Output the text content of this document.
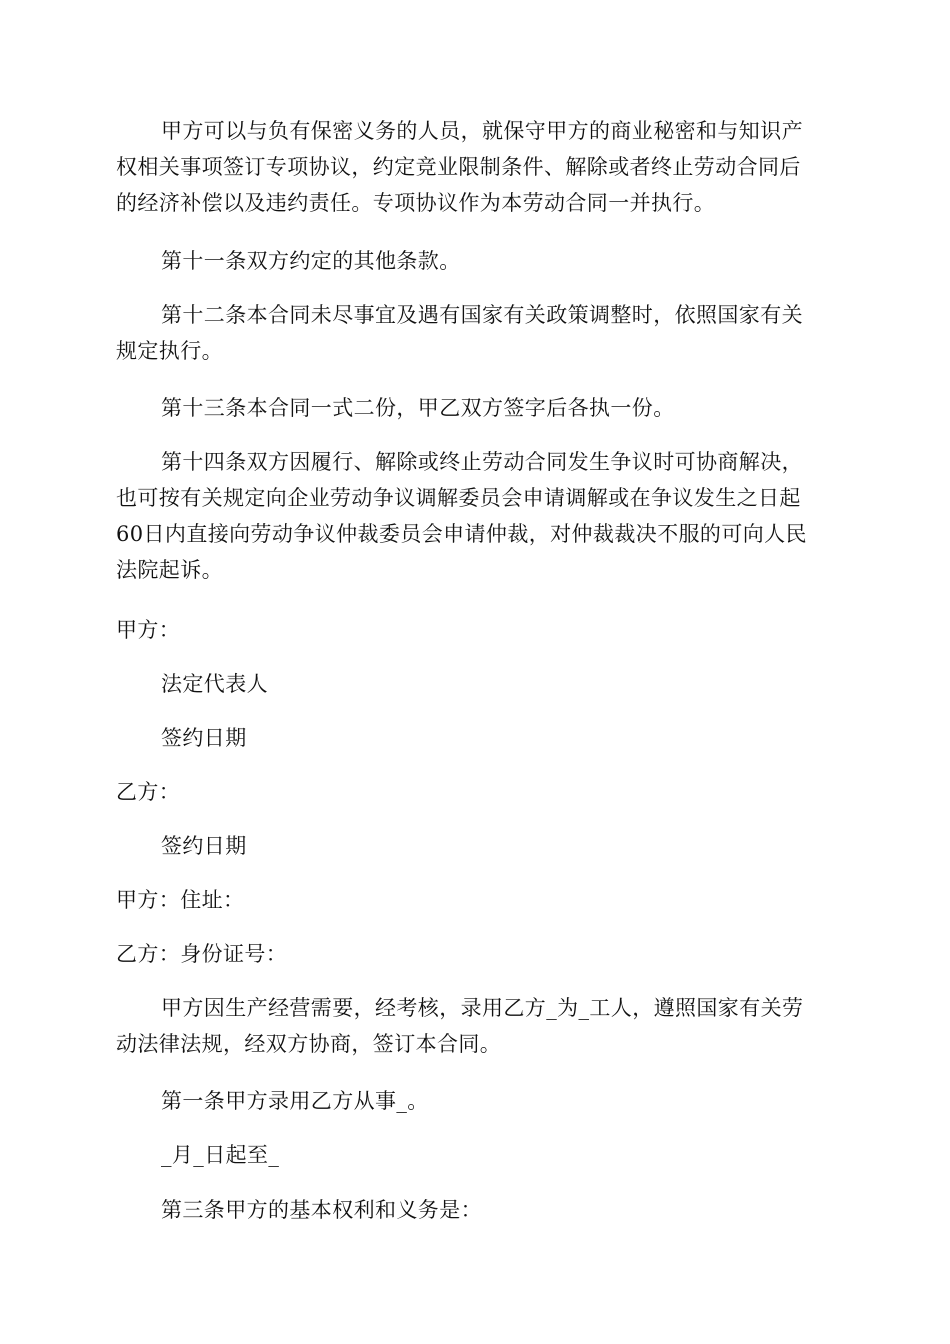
甲方可以与负有保密义务的人员，就保守甲方的商业秘密和与知识产
权相关事项签订专项协议，约定竞业限制条件、解除或者终止劳动合同后
的经济补偿以及违约责任。专项协议作为本劳动合同一并执行。

第十一条双方约定的其他条款。

第十二条本合同未尽事宜及遇有国家有关政策调整时，依照国家有关
规定执行。

第十三条本合同一式二份，甲乙双方签字后各执一份。

第十四条双方因履行、解除或终止劳动合同发生争议时可协商解决，
也可按有关规定向企业劳动争议调解委员会申请调解或在争议发生之日起
60日内直接向劳动争议仲裁委员会申请仲裁，对仲裁裁决不服的可向人民
法院起诉。

甲方：

法定代表人

签约日期

乙方：

签约日期

甲方：住址：

乙方：身份证号：

甲方因生产经营需要，经考核，录用乙方_为_工人，遵照国家有关劳
动法律法规，经双方协商，签订本合同。

第一条甲方录用乙方从事_。

_月_日起至_

第三条甲方的基本权利和义务是：
